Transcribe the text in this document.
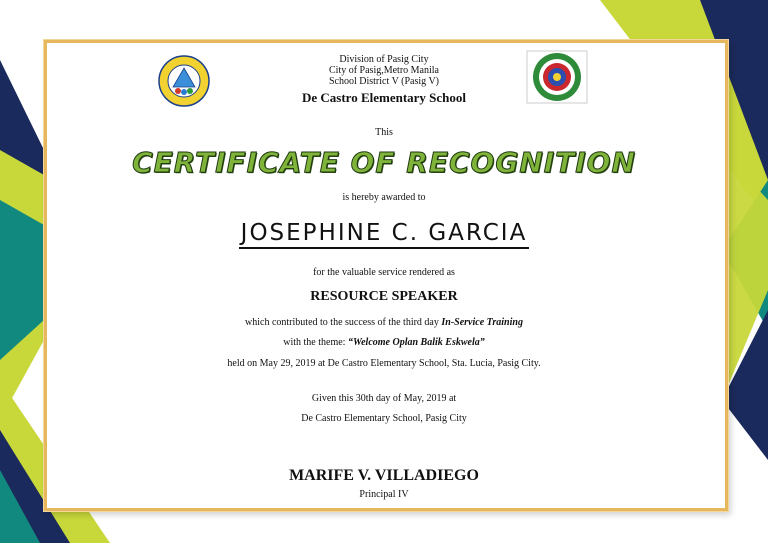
Division of Pasig City
City of Pasig,Metro Manila
School District V (Pasig V)
De Castro Elementary School
This
CERTIFICATE OF RECOGNITION
is hereby awarded to
JOSEPHINE C. GARCIA
for the valuable service rendered as
RESOURCE SPEAKER
which contributed to the success of the third day In-Service Training
with the theme: “Welcome Oplan Balik Eskwela”
held on May 29, 2019 at De Castro Elementary School, Sta. Lucia, Pasig City.
Given this 30th day of May, 2019 at
De Castro Elementary School, Pasig City
MARIFE V. VILLADIEGO
Principal IV
